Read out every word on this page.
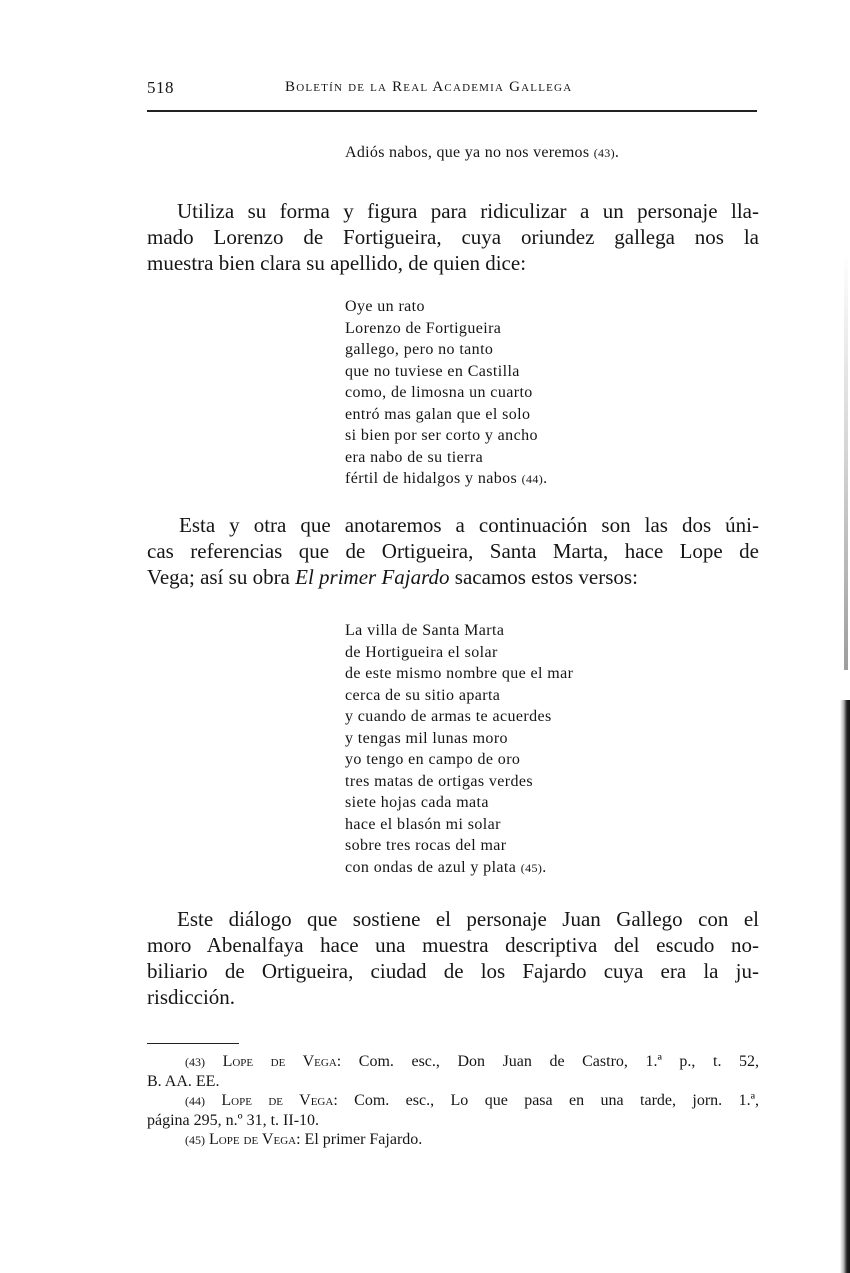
518	Boletín de la Real Academia Gallega
Adiós nabos, que ya no nos veremos (43).
Utiliza su forma y figura para ridiculizar a un personaje lla-
mado Lorenzo de Fortigueira, cuya oriundez gallega nos la
muestra bien clara su apellido, de quien dice:
Oye un rato
Lorenzo de Fortigueira
gallego, pero no tanto
que no tuviese en Castilla
como, de limosna un cuarto
entró mas galan que el solo
si bien por ser corto y ancho
era nabo de su tierra
fértil de hidalgos y nabos (44).
Esta y otra que anotaremos a continuación son las dos úni-
cas referencias que de Ortigueira, Santa Marta, hace Lope de
Vega; así su obra El primer Fajardo sacamos estos versos:
La villa de Santa Marta
de Hortigueira el solar
de este mismo nombre que el mar
cerca de su sitio aparta
y cuando de armas te acuerdes
y tengas mil lunas moro
yo tengo en campo de oro
tres matas de ortigas verdes
siete hojas cada mata
hace el blasón mi solar
sobre tres rocas del mar
con ondas de azul y plata (45).
Este diálogo que sostiene el personaje Juan Gallego con el
moro Abenalfaya hace una muestra descriptiva del escudo no-
biliario de Ortigueira, ciudad de los Fajardo cuya era la ju-
risdicción.
(43) Lope de Vega: Com. esc., Don Juan de Castro, 1.ª p., t. 52,
B. AA. EE.
(44) Lope de Vega: Com. esc., Lo que pasa en una tarde, jorn. 1.ª,
página 295, n.º 31, t. II-10.
(45) Lope de Vega: El primer Fajardo.
